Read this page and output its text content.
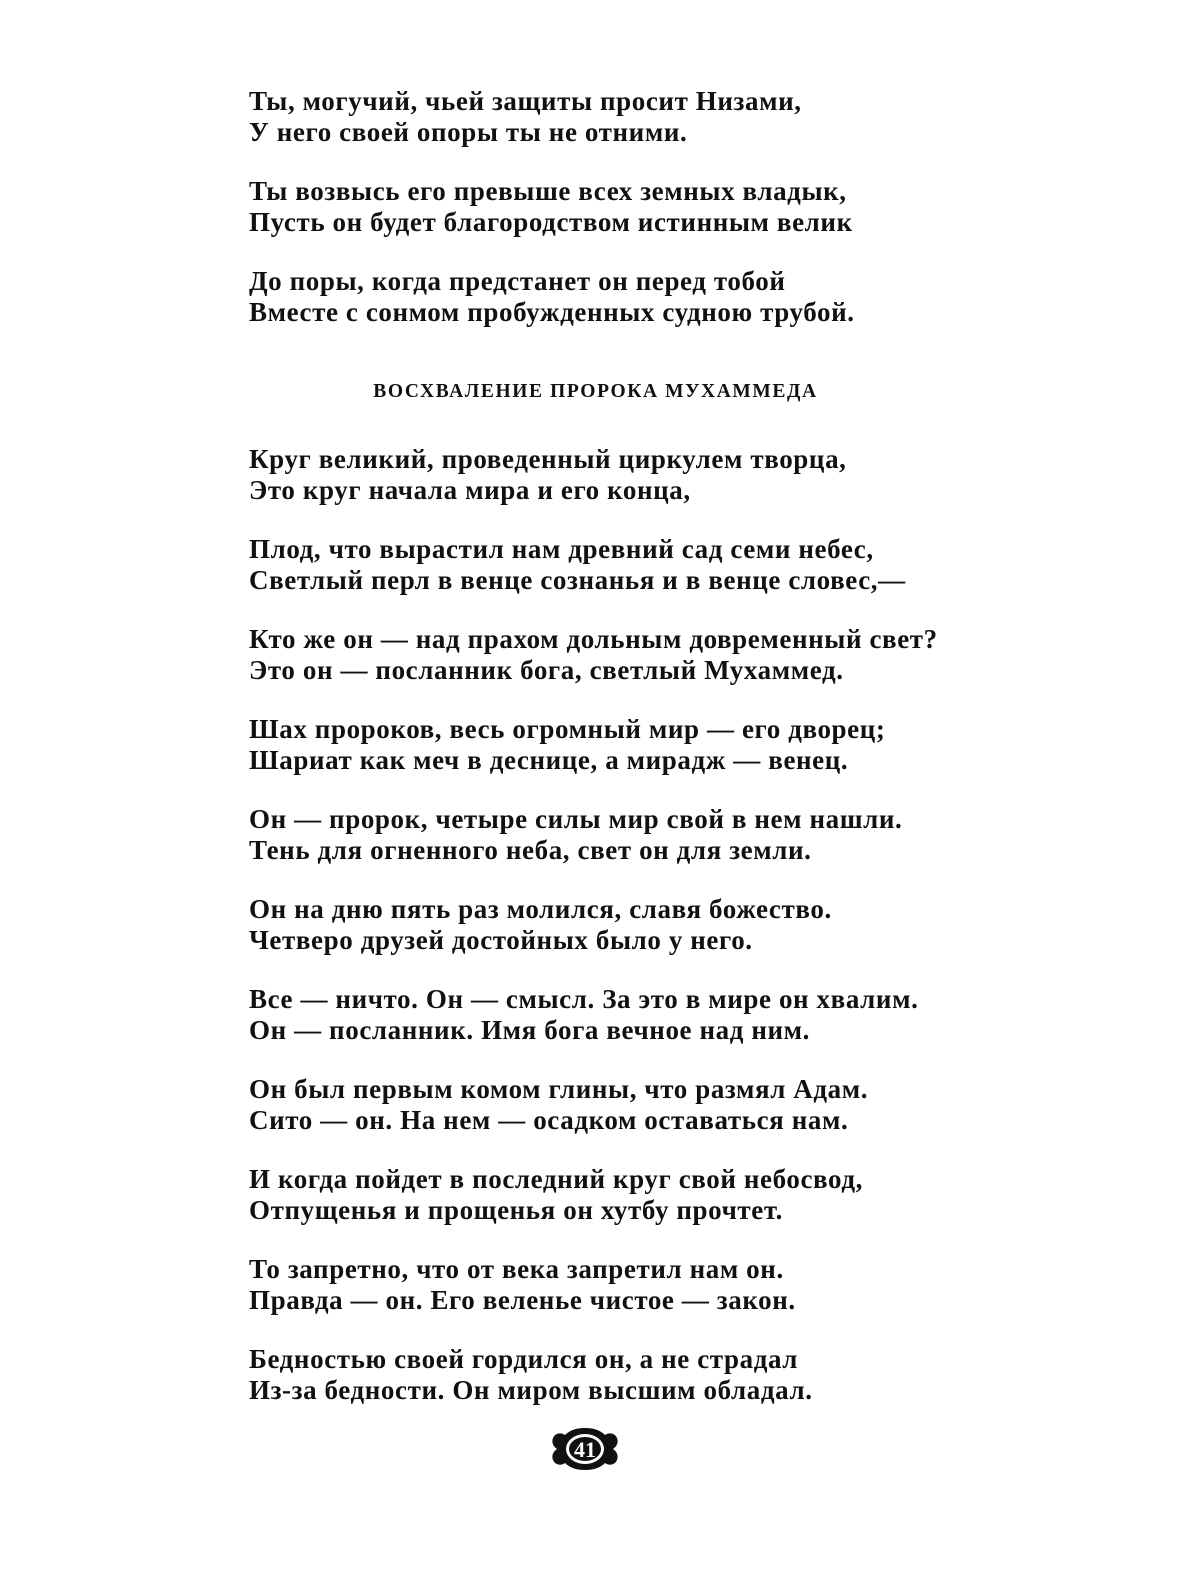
Ты, могучий, чьей защиты просит Низами,
У него своей опоры ты не отними.
Ты возвысь его превыше всех земных владык,
Пусть он будет благородством истинным велик
До поры, когда предстанет он перед тобой
Вместе с сонмом пробужденных судною трубой.
ВОСХВАЛЕНИЕ ПРОРОКА МУХАММЕДА
Круг великий, проведенный циркулем творца,
Это круг начала мира и его конца,
Плод, что вырастил нам древний сад семи небес,
Светлый перл в венце сознанья и в венце словес,—
Кто же он — над прахом дольным довременный свет?
Это он — посланник бога, светлый Мухаммед.
Шах пророков, весь огромный мир — его дворец;
Шариат как меч в деснице, а мирадж — венец.
Он — пророк, четыре силы мир свой в нем нашли.
Тень для огненного неба, свет он для земли.
Он на дню пять раз молился, славя божество.
Четверо друзей достойных было у него.
Все — ничто. Он — смысл. За это в мире он хвалим.
Он — посланник. Имя бога вечное над ним.
Он был первым комом глины, что размял Адам.
Сито — он. На нем — осадком оставаться нам.
И когда пойдет в последний круг свой небосвод,
Отпущенья и прощенья он хутбу прочтет.
То запретно, что от века запретил нам он.
Правда — он. Его веленье чистое — закон.
Бедностью своей гордился он, а не страдал
Из-за бедности. Он миром высшим обладал.
41
